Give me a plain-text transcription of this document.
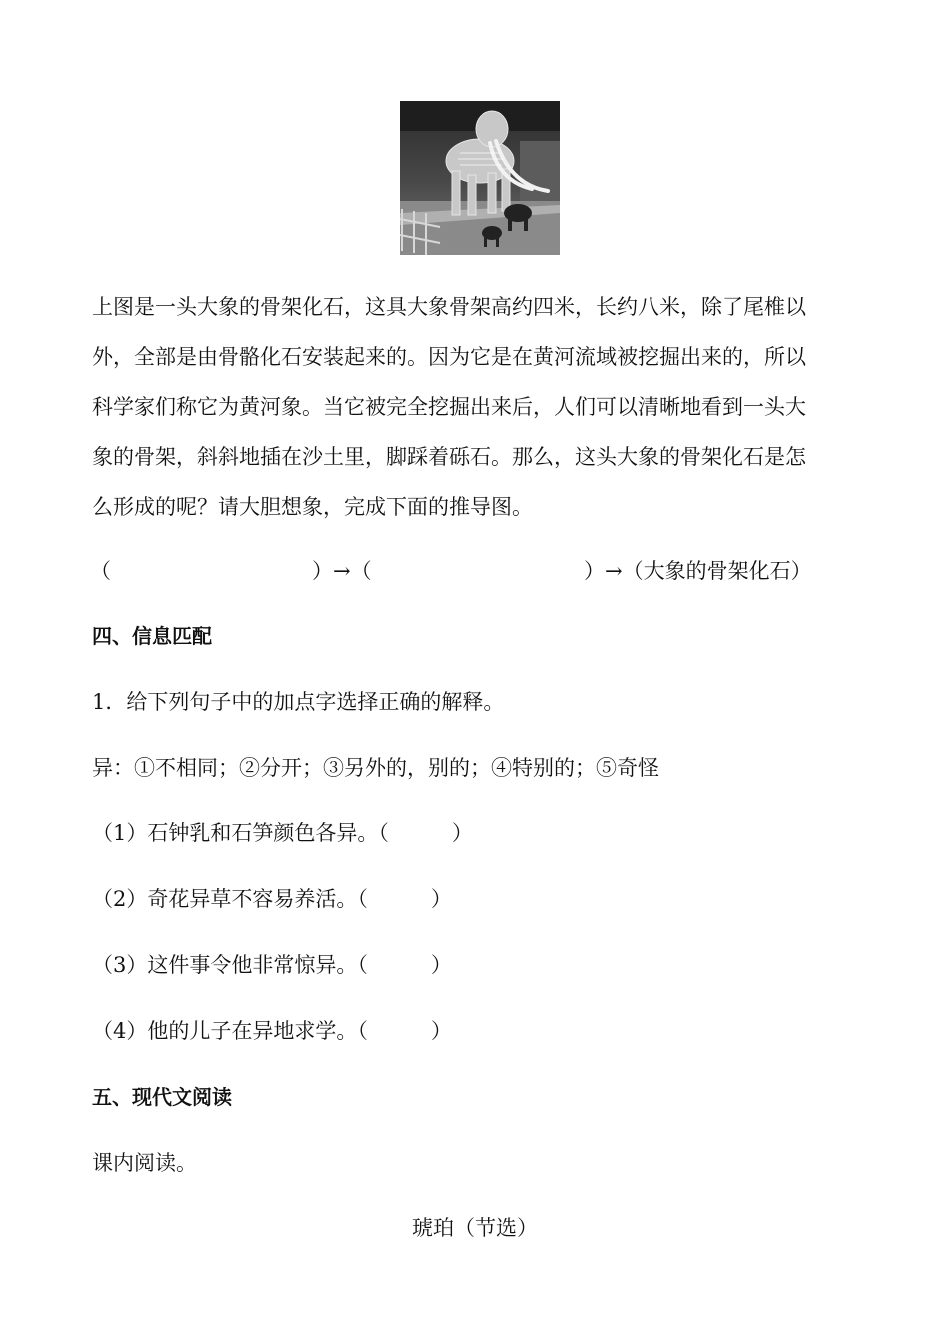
上图是一头大象的骨架化石，这具大象骨架高约四米，长约八米，除了尾椎以

外，全部是由骨骼化石安装起来的。因为它是在黄河流域被挖掘出来的，所以

科学家们称它为黄河象。当它被完全挖掘出来后，人们可以清晰地看到一头大

象的骨架，斜斜地插在沙土里，脚踩着砾石。那么，这头大象的骨架化石是怎

么形成的呢？请大胆想象，完成下面的推导图。

（

	）→（

	）→（大象的骨架化石）

四、信息匹配
1．给下列句子中的加点字选择正确的解释。
异：①不相同；②分开；③另外的，别的；④特别的；⑤奇怪
（1）石钟乳和石笋颜色各异。（　　　）
（2）奇花异草不容易养活。（　　　）
（3）这件事令他非常惊异。（　　　）
（4）他的儿子在异地求学。（　　　）
五、现代文阅读
课内阅读。
琥珀（节选）
